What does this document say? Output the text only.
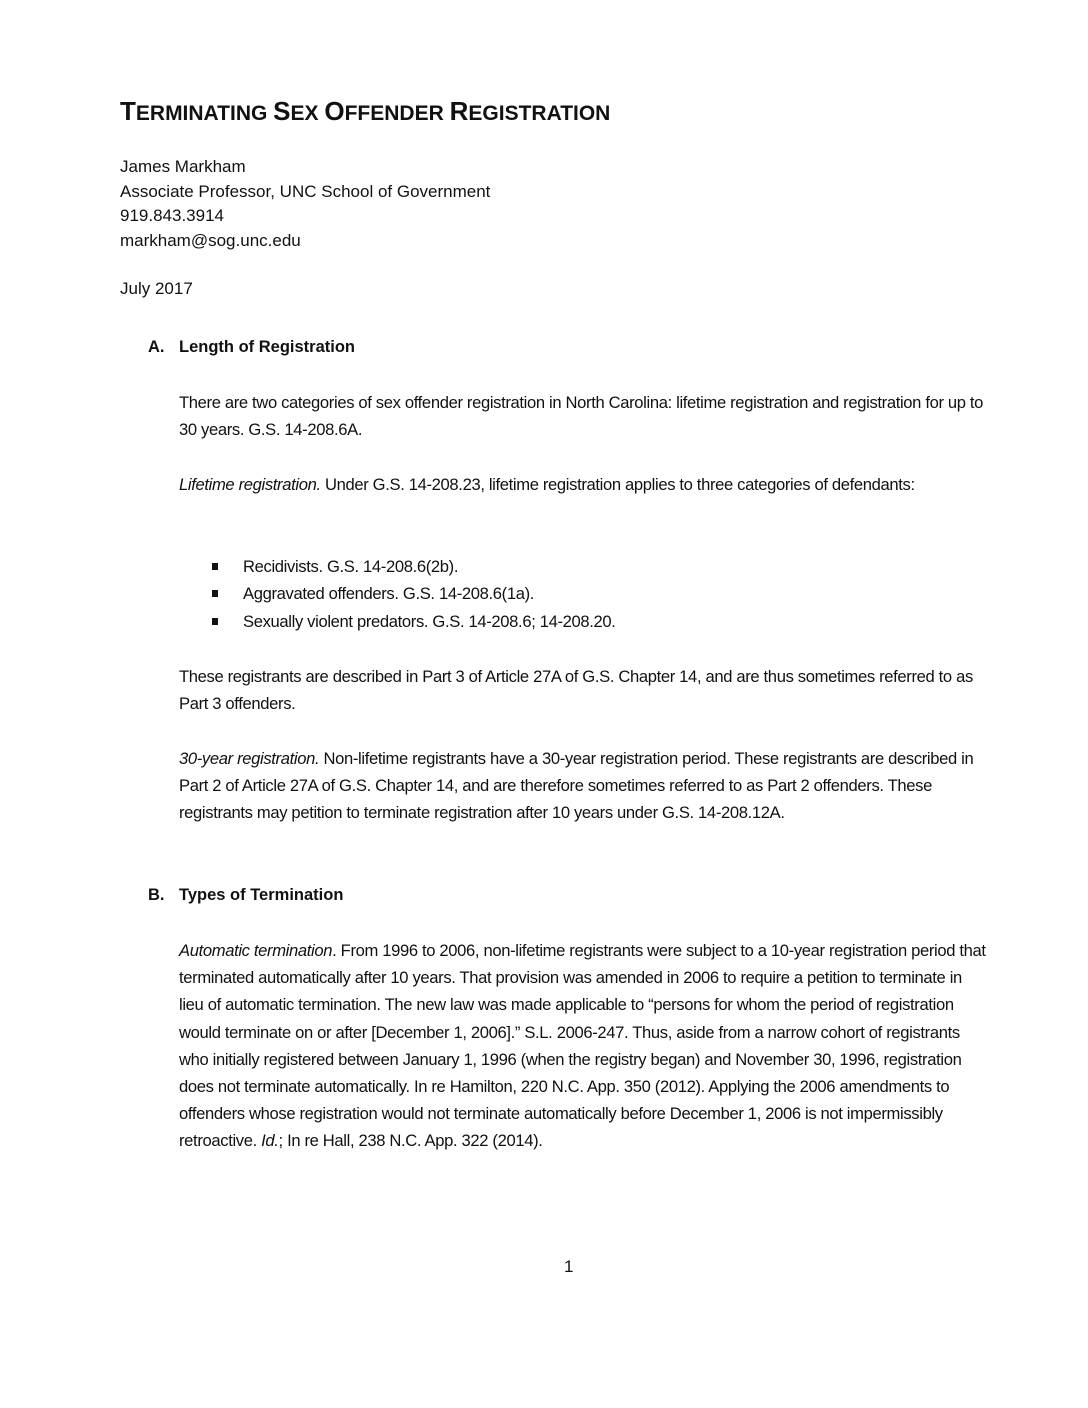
TERMINATING SEX OFFENDER REGISTRATION
James Markham
Associate Professor, UNC School of Government
919.843.3914
markham@sog.unc.edu
July 2017
A. Length of Registration

There are two categories of sex offender registration in North Carolina: lifetime registration and registration for up to 30 years. G.S. 14-208.6A.

Lifetime registration. Under G.S. 14-208.23, lifetime registration applies to three categories of defendants:

Recidivists. G.S. 14-208.6(2b).
Aggravated offenders. G.S. 14-208.6(1a).
Sexually violent predators. G.S. 14-208.6; 14-208.20.

These registrants are described in Part 3 of Article 27A of G.S. Chapter 14, and are thus sometimes referred to as Part 3 offenders.

30-year registration. Non-lifetime registrants have a 30-year registration period. These registrants are described in Part 2 of Article 27A of G.S. Chapter 14, and are therefore sometimes referred to as Part 2 offenders. These registrants may petition to terminate registration after 10 years under G.S. 14-208.12A.

B. Types of Termination

Automatic termination. From 1996 to 2006, non-lifetime registrants were subject to a 10-year registration period that terminated automatically after 10 years. That provision was amended in 2006 to require a petition to terminate in lieu of automatic termination. The new law was made applicable to “persons for whom the period of registration would terminate on or after [December 1, 2006].” S.L. 2006-247. Thus, aside from a narrow cohort of registrants who initially registered between January 1, 1996 (when the registry began) and November 30, 1996, registration does not terminate automatically. In re Hamilton, 220 N.C. App. 350 (2012). Applying the 2006 amendments to offenders whose registration would not terminate automatically before December 1, 2006 is not impermissibly retroactive. Id.; In re Hall, 238 N.C. App. 322 (2014).

1
